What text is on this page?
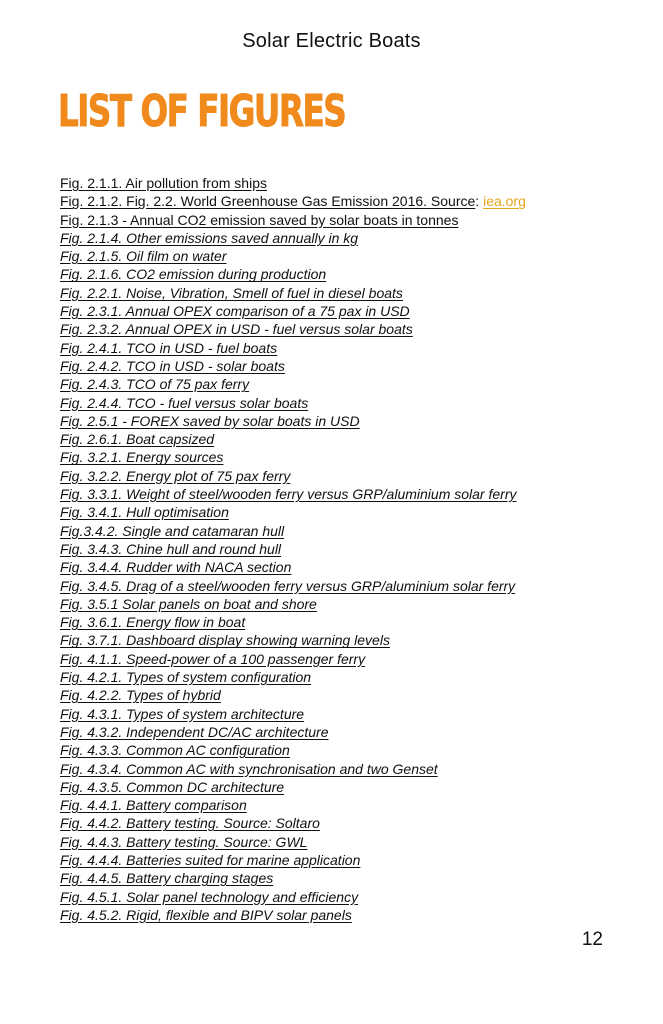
Solar Electric Boats
LIST OF FIGURES
Fig. 2.1.1. Air pollution from ships
Fig. 2.1.2. Fig. 2.2. World Greenhouse Gas Emission 2016. Source: iea.org
Fig. 2.1.3 - Annual CO2 emission saved by solar boats in tonnes
Fig. 2.1.4. Other emissions saved annually in kg
Fig. 2.1.5. Oil film on water
Fig. 2.1.6. CO2 emission during production
Fig. 2.2.1. Noise, Vibration, Smell of fuel in diesel boats
Fig. 2.3.1. Annual OPEX comparison of a 75 pax in USD
Fig. 2.3.2. Annual OPEX in USD - fuel versus solar boats
Fig. 2.4.1. TCO in USD - fuel boats
Fig. 2.4.2. TCO in USD - solar boats
Fig. 2.4.3. TCO of 75 pax ferry
Fig. 2.4.4. TCO - fuel versus solar boats
Fig. 2.5.1 - FOREX saved by solar boats in USD
Fig. 2.6.1. Boat capsized
Fig. 3.2.1. Energy sources
Fig. 3.2.2. Energy plot of 75 pax ferry
Fig. 3.3.1. Weight of steel/wooden ferry versus GRP/aluminium solar ferry
Fig. 3.4.1. Hull optimisation
Fig.3.4.2. Single and catamaran hull
Fig. 3.4.3. Chine hull and round hull
Fig. 3.4.4. Rudder with NACA section
Fig. 3.4.5. Drag of a steel/wooden ferry versus GRP/aluminium solar ferry
Fig. 3.5.1 Solar panels on boat and shore
Fig. 3.6.1. Energy flow in boat
Fig. 3.7.1. Dashboard display showing warning levels
Fig. 4.1.1. Speed-power of a 100 passenger ferry
Fig. 4.2.1. Types of system configuration
Fig. 4.2.2. Types of hybrid
Fig. 4.3.1. Types of system architecture
Fig. 4.3.2. Independent DC/AC architecture
Fig. 4.3.3. Common AC configuration
Fig. 4.3.4. Common AC with synchronisation and two Genset
Fig. 4.3.5. Common DC architecture
Fig. 4.4.1. Battery comparison
Fig. 4.4.2. Battery testing. Source: Soltaro
Fig. 4.4.3. Battery testing. Source: GWL
Fig. 4.4.4. Batteries suited for marine application
Fig. 4.4.5. Battery charging stages
Fig. 4.5.1. Solar panel technology and efficiency
Fig. 4.5.2. Rigid, flexible and BIPV solar panels
12
